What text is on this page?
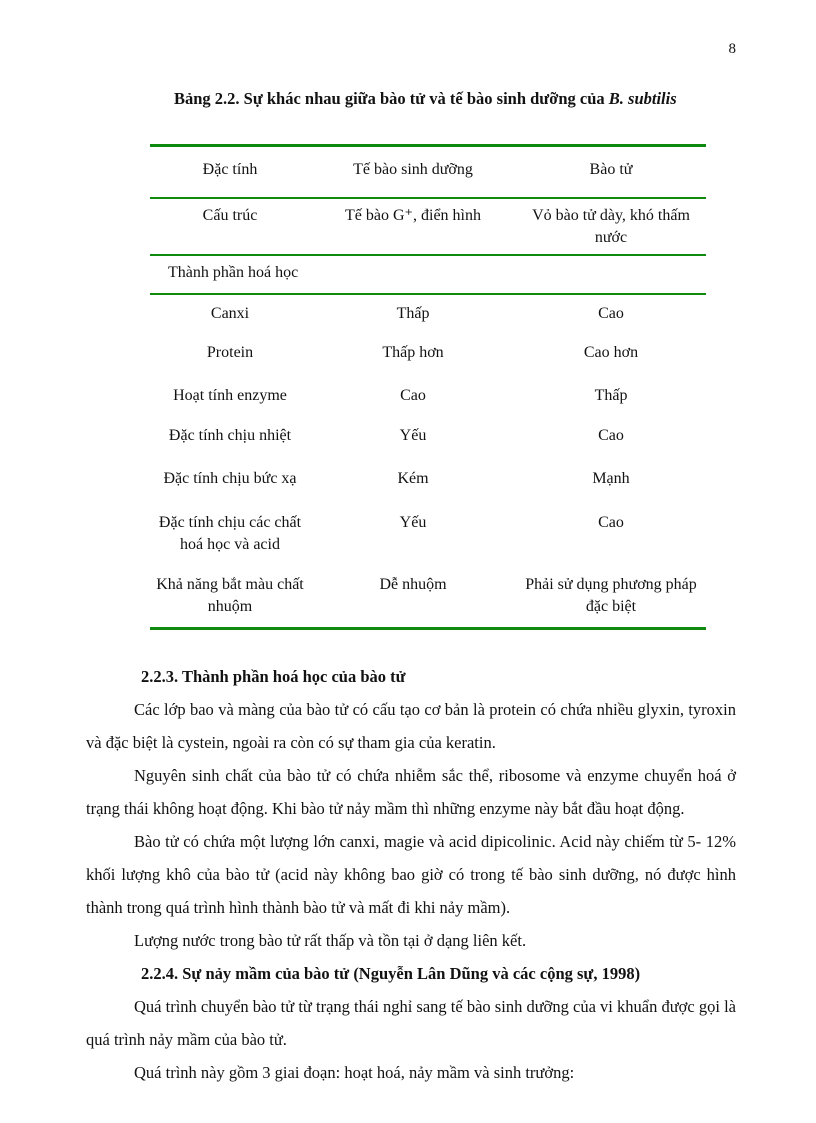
8

Bảng 2.2. Sự khác nhau giữa bào tử và tế bào sinh dưỡng của B. subtilis

Đặc tính	Tế bào sinh dưỡng	Bào tử
Cấu trúc	Tế bào G⁺, điển hình	Vỏ bào tử dày, khó thấm nước
Thành phần hoá học		
Canxi	Thấp	Cao
Protein	Thấp hơn	Cao hơn
Hoạt tính enzyme	Cao	Thấp
Đặc tính chịu nhiệt	Yếu	Cao
Đặc tính chịu bức xạ	Kém	Mạnh
Đặc tính chịu các chất hoá học và acid	Yếu	Cao
Khả năng bắt màu chất nhuộm	Dễ nhuộm	Phải sử dụng phương pháp đặc biệt
2.2.3. Thành phần hoá học của bào tử

Các lớp bao và màng của bào tử có cấu tạo cơ bản là protein có chứa nhiều glyxin, tyroxin và đặc biệt là cystein, ngoài ra còn có sự tham gia của keratin.

Nguyên sinh chất của bào tử có chứa nhiễm sắc thể, ribosome và enzyme chuyển hoá ở trạng thái không hoạt động. Khi bào tử nảy mầm thì những enzyme này bắt đầu hoạt động.

Bào tử có chứa một lượng lớn canxi, magie và acid dipicolinic. Acid này chiếm từ 5- 12% khối lượng khô của bào tử (acid này không bao giờ có trong tế bào sinh dưỡng, nó được hình thành trong quá trình hình thành bào tử và mất đi khi nảy mầm).

Lượng nước trong bào tử rất thấp và tồn tại ở dạng liên kết.

2.2.4. Sự nảy mầm của bào tử (Nguyễn Lân Dũng và các cộng sự, 1998)

Quá trình chuyển bào tử từ trạng thái nghỉ sang tế bào sinh dưỡng của vi khuẩn được gọi là quá trình nảy mầm của bào tử.

Quá trình này gồm 3 giai đoạn: hoạt hoá, nảy mầm và sinh trưởng:
